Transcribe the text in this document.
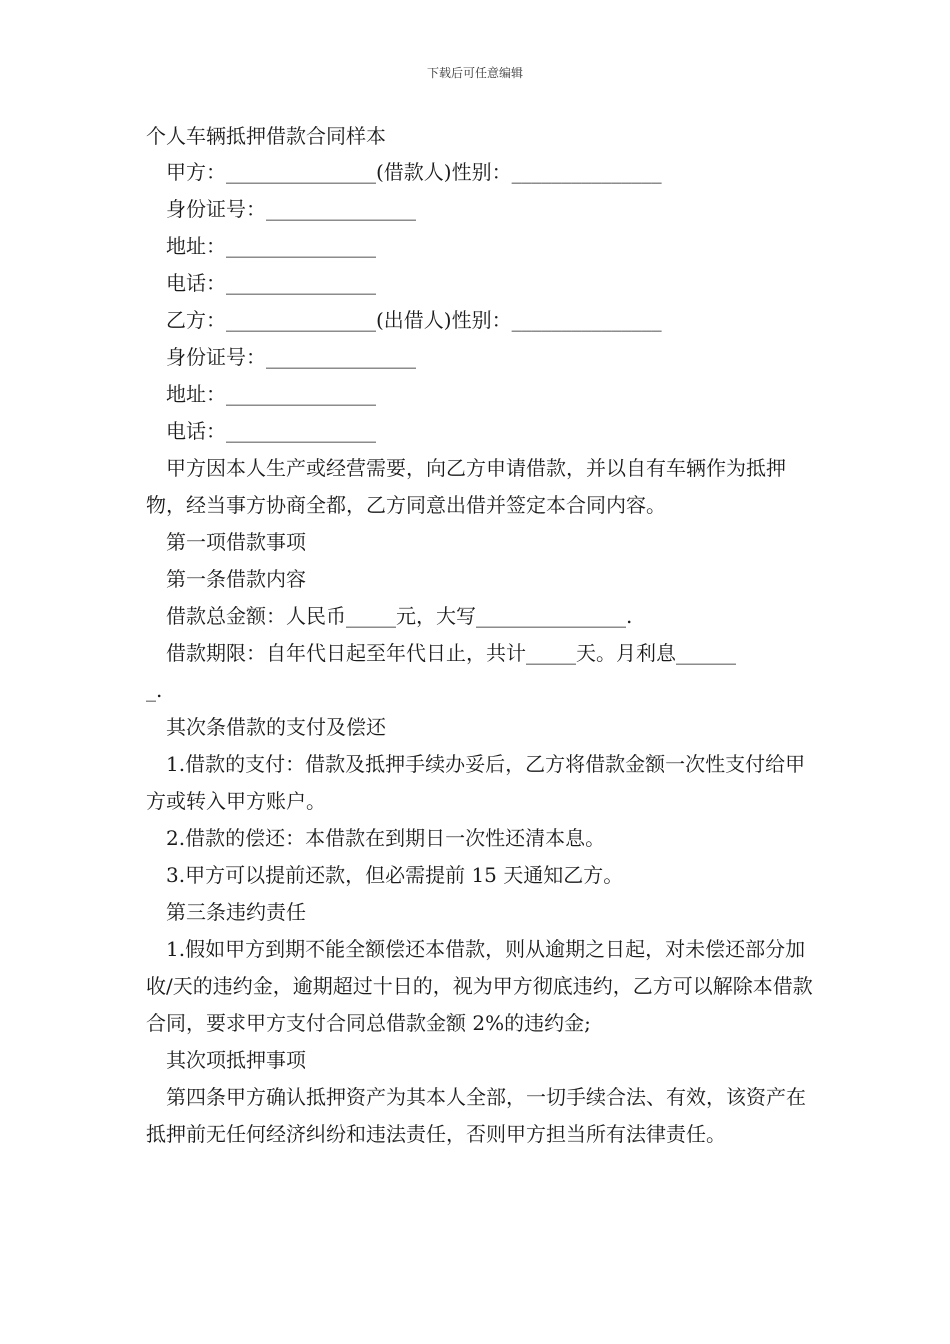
下载后可任意编辑
个人车辆抵押借款合同样本
甲方：_______________(借款人)性别：_______________
身份证号：_______________
地址：_______________
电话：_______________
乙方：_______________(出借人)性别：_______________
身份证号：_______________
地址：_______________
电话：_______________
甲方因本人生产或经营需要，向乙方申请借款，并以自有车辆作为抵押物，经当事方协商全都，乙方同意出借并签定本合同内容。
第一项借款事项
第一条借款内容
借款总金额：人民币_____元，大写_______________.
借款期限：自年代日起至年代日止，共计_____天。月利息______
_.
其次条借款的支付及偿还
1.借款的支付：借款及抵押手续办妥后，乙方将借款金额一次性支付给甲方或转入甲方账户。
2.借款的偿还：本借款在到期日一次性还清本息。
3.甲方可以提前还款，但必需提前 15 天通知乙方。
第三条违约责任
1.假如甲方到期不能全额偿还本借款，则从逾期之日起，对未偿还部分加收/天的违约金，逾期超过十日的，视为甲方彻底违约，乙方可以解除本借款合同，要求甲方支付合同总借款金额 2%的违约金;
其次项抵押事项
第四条甲方确认抵押资产为其本人全部，一切手续合法、有效，该资产在抵押前无任何经济纠纷和违法责任，否则甲方担当所有法律责任。
